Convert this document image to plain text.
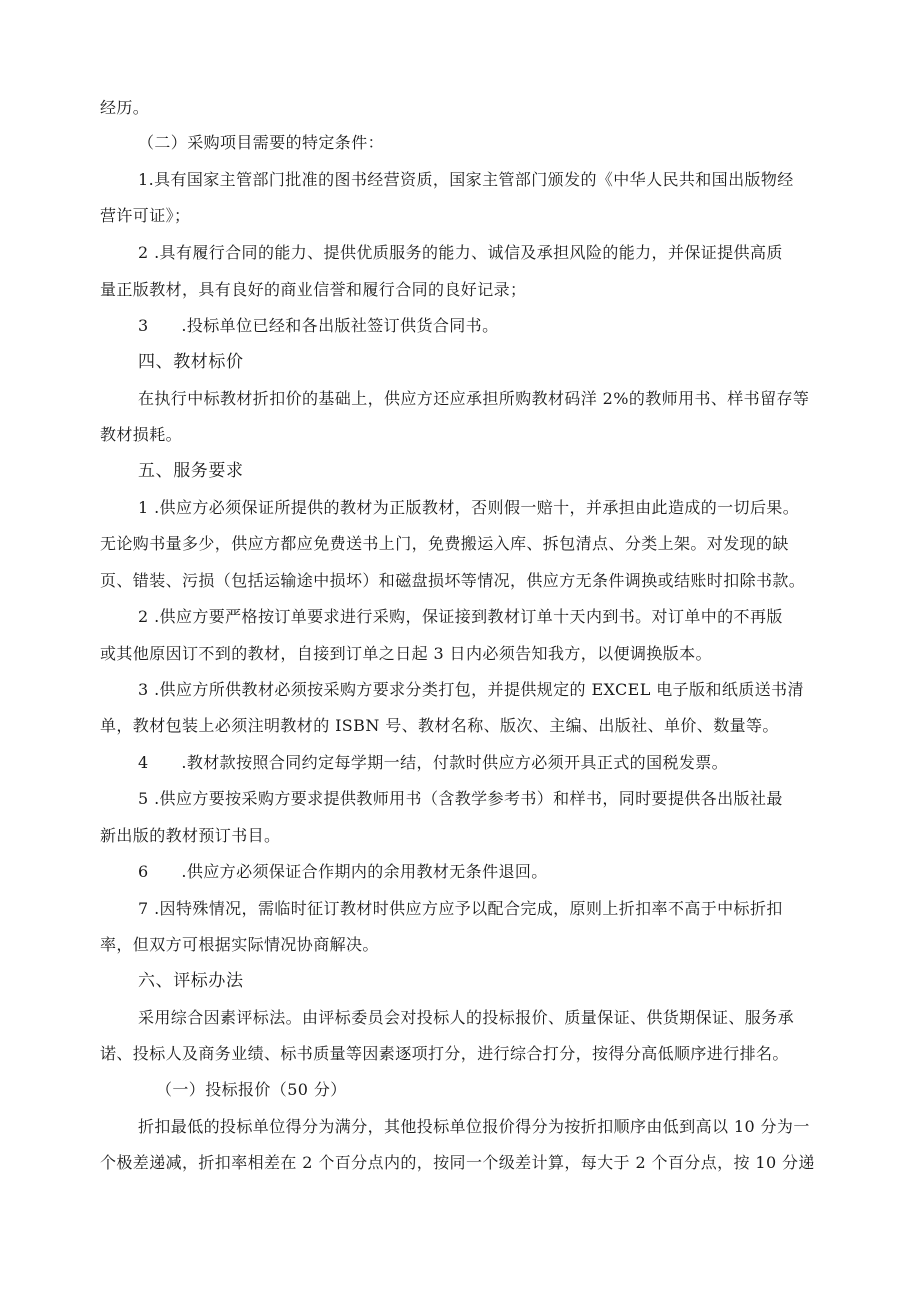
经历。

（二）采购项目需要的特定条件：

1.具有国家主管部门批准的图书经营资质，国家主管部门颁发的《中华人民共和国出版物经

营许可证》；

2 .具有履行合同的能力、提供优质服务的能力、诚信及承担风险的能力，并保证提供高质

量正版教材，具有良好的商业信誉和履行合同的良好记录；

3　　.投标单位已经和各出版社签订供货合同书。

四、教材标价

在执行中标教材折扣价的基础上，供应方还应承担所购教材码洋 2%的教师用书、样书留存等

教材损耗。

五、服务要求

1 .供应方必须保证所提供的教材为正版教材，否则假一赔十，并承担由此造成的一切后果。

无论购书量多少，供应方都应免费送书上门，免费搬运入库、拆包清点、分类上架。对发现的缺

页、错装、污损（包括运输途中损坏）和磁盘损坏等情况，供应方无条件调换或结账时扣除书款。

2 .供应方要严格按订单要求进行采购，保证接到教材订单十天内到书。对订单中的不再版

或其他原因订不到的教材，自接到订单之日起 3 日内必须告知我方，以便调换版本。

3 .供应方所供教材必须按采购方要求分类打包，并提供规定的 EXCEL 电子版和纸质送书清

单，教材包装上必须注明教材的 ISBN 号、教材名称、版次、主编、出版社、单价、数量等。

4　　.教材款按照合同约定每学期一结，付款时供应方必须开具正式的国税发票。

5 .供应方要按采购方要求提供教师用书（含教学参考书）和样书，同时要提供各出版社最

新出版的教材预订书目。

6　　.供应方必须保证合作期内的余用教材无条件退回。

7 .因特殊情况，需临时征订教材时供应方应予以配合完成，原则上折扣率不高于中标折扣

率，但双方可根据实际情况协商解决。

六、评标办法

采用综合因素评标法。由评标委员会对投标人的投标报价、质量保证、供货期保证、服务承

诺、投标人及商务业绩、标书质量等因素逐项打分，进行综合打分，按得分高低顺序进行排名。

（一）投标报价（50 分）

折扣最低的投标单位得分为满分，其他投标单位报价得分为按折扣顺序由低到高以 10 分为一

个极差递减，折扣率相差在 2 个百分点内的，按同一个级差计算，每大于 2 个百分点，按 10 分递
